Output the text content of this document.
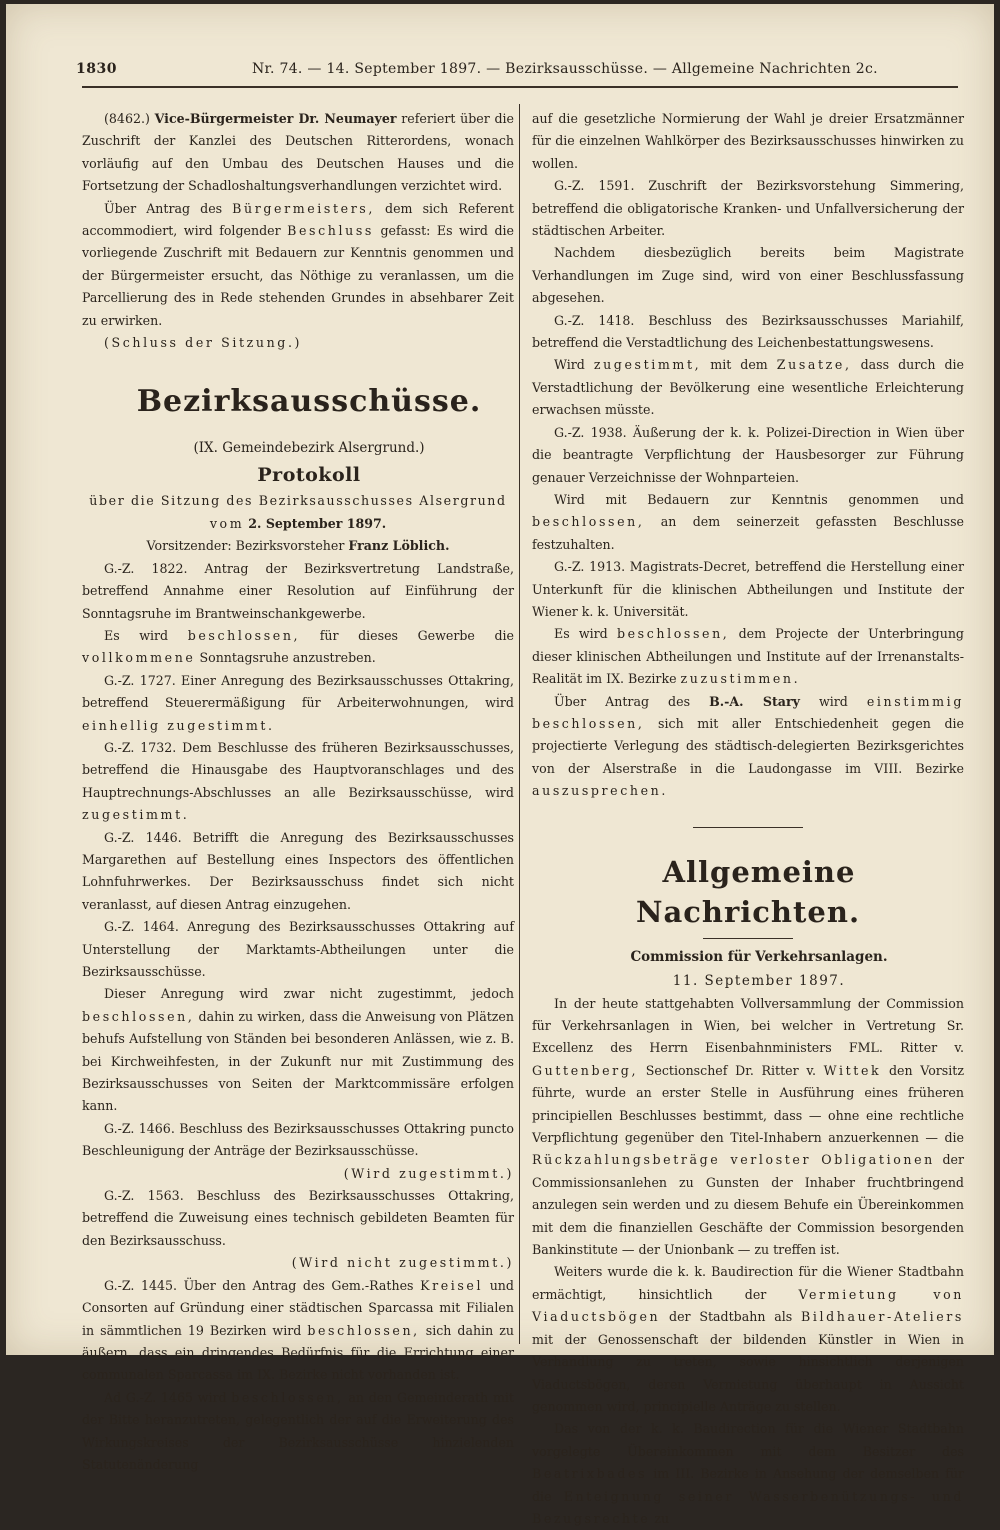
1830	Nr. 74. — 14. September 1897. — Bezirksausschüsse. — Allgemeine Nachrichten 2c.

(8462.) Vice-Bürgermeister Dr. Neumayer referiert über die Zuschrift der Kanzlei des Deutschen Ritterordens, wonach vorläufig auf den Umbau des Deutschen Hauses und die Fortsetzung der Schadloshaltungsverhandlungen verzichtet wird.

Über Antrag des Bürgermeisters, dem sich Referent accommodiert, wird folgender Beschluss gefasst: Es wird die vorliegende Zuschrift mit Bedauern zur Kenntnis genommen und der Bürgermeister ersucht, das Nöthige zu veranlassen, um die Parcellierung des in Rede stehenden Grundes in absehbarer Zeit zu erwirken.

(Schluss der Sitzung.)

Bezirksausschüsse.

(IX. Gemeindebezirk Alsergrund.)

Protokoll

über die Sitzung des Bezirksausschusses Alsergrund

vom 2. September 1897.

Vorsitzender: Bezirksvorsteher Franz Löblich.

G.-Z. 1822. Antrag der Bezirksvertretung Landstraße, betreffend Annahme einer Resolution auf Einführung der Sonntagsruhe im Brantweinschankgewerbe.

Es wird beschlossen, für dieses Gewerbe die vollkommene Sonntagsruhe anzustreben.

G.-Z. 1727. Einer Anregung des Bezirksausschusses Ottakring, betreffend Steuerermäßigung für Arbeiterwohnungen, wird einhellig zugestimmt.

G.-Z. 1732. Dem Beschlusse des früheren Bezirksausschusses, betreffend die Hinausgabe des Hauptvoranschlages und des Hauptrechnungs-Abschlusses an alle Bezirksausschüsse, wird zugestimmt.

G.-Z. 1446. Betrifft die Anregung des Bezirksausschusses Margarethen auf Bestellung eines Inspectors des öffentlichen Lohnfuhrwerkes. Der Bezirksausschuss findet sich nicht veranlasst, auf diesen Antrag einzugehen.

G.-Z. 1464. Anregung des Bezirksausschusses Ottakring auf Unterstellung der Marktamts-Abtheilungen unter die Bezirksausschüsse.

Dieser Anregung wird zwar nicht zugestimmt, jedoch beschlossen, dahin zu wirken, dass die Anweisung von Plätzen behufs Aufstellung von Ständen bei besonderen Anlässen, wie z. B. bei Kirchweihfesten, in der Zukunft nur mit Zustimmung des Bezirksausschusses von Seiten der Marktcommissäre erfolgen kann.

G.-Z. 1466. Beschluss des Bezirksausschusses Ottakring puncto Beschleunigung der Anträge der Bezirksausschüsse.

(Wird zugestimmt.)

G.-Z. 1563. Beschluss des Bezirksausschusses Ottakring, betreffend die Zuweisung eines technisch gebildeten Beamten für den Bezirksausschuss.

(Wird nicht zugestimmt.)

G.-Z. 1445. Über den Antrag des Gem.-Rathes Kreisel und Consorten auf Gründung einer städtischen Sparcassa mit Filialen in sämmtlichen 19 Bezirken wird beschlossen, sich dahin zu äußern, dass ein dringendes Bedürfnis für die Errichtung einer communalen Sparcassa im IX. Bezirke nicht vorhanden ist.

Ad G.-Z. 1465 wird beschlossen, an den Gemeinderath mit der Bitte heranzutreten, gelegentlich der auf die Erweiterung des Wirkungskreises der Bezirksausschüsse hinzielenden Statutenänderung

auf die gesetzliche Normierung der Wahl je dreier Ersatzmänner für die einzelnen Wahlkörper des Bezirksausschusses hinwirken zu wollen.

G.-Z. 1591. Zuschrift der Bezirksvorstehung Simmering, betreffend die obligatorische Kranken- und Unfallversicherung der städtischen Arbeiter.

Nachdem diesbezüglich bereits beim Magistrate Verhandlungen im Zuge sind, wird von einer Beschlussfassung abgesehen.

G.-Z. 1418. Beschluss des Bezirksausschusses Mariahilf, betreffend die Verstadtlichung des Leichenbestattungswesens.

Wird zugestimmt, mit dem Zusatze, dass durch die Verstadtlichung der Bevölkerung eine wesentliche Erleichterung erwachsen müsste.

G.-Z. 1938. Äußerung der k. k. Polizei-Direction in Wien über die beantragte Verpflichtung der Hausbesorger zur Führung genauer Verzeichnisse der Wohnparteien.

Wird mit Bedauern zur Kenntnis genommen und beschlossen, an dem seinerzeit gefassten Beschlusse festzuhalten.

G.-Z. 1913. Magistrats-Decret, betreffend die Herstellung einer Unterkunft für die klinischen Abtheilungen und Institute der Wiener k. k. Universität.

Es wird beschlossen, dem Projecte der Unterbringung dieser klinischen Abtheilungen und Institute auf der Irrenanstalts-Realität im IX. Bezirke zuzustimmen.

Über Antrag des B.-A. Stary wird einstimmig beschlossen, sich mit aller Entschiedenheit gegen die projectierte Verlegung des städtisch-delegierten Bezirksgerichtes von der Alserstraße in die Laudongasse im VIII. Bezirke auszusprechen.

Allgemeine Nachrichten.

Commission für Verkehrsanlagen.

11. September 1897.

In der heute stattgehabten Vollversammlung der Commission für Verkehrsanlagen in Wien, bei welcher in Vertretung Sr. Excellenz des Herrn Eisenbahnministers FML. Ritter v. Guttenberg, Sectionschef Dr. Ritter v. Wittek den Vorsitz führte, wurde an erster Stelle in Ausführung eines früheren principiellen Beschlusses bestimmt, dass — ohne eine rechtliche Verpflichtung gegenüber den Titel-Inhabern anzuerkennen — die Rückzahlungsbeträge verloster Obligationen der Commissionsanlehen zu Gunsten der Inhaber fruchtbringend anzulegen sein werden und zu diesem Behufe ein Übereinkommen mit dem die finanziellen Geschäfte der Commission besorgenden Bankinstitute — der Unionbank — zu treffen ist.

Weiters wurde die k. k. Baudirection für die Wiener Stadtbahn ermächtigt, hinsichtlich der	Vermietung von Viaductsbögen der Stadtbahn als Bildhauer-Ateliers mit der Genossenschaft der bildenden Künstler in Wien in Verhandlung zu treten, sowie hinsichtlich derjenigen Viaductsbögen, deren Vermietung überhaupt in Aussicht genommen wird, principielle Anträge zu stellen.

Das von der k. k. Baudirection für die Wiener Stadtbahn vorgelegte Übereinkommen mit dem Besitzer des Beatrixbades im III. Bezirke in Ansehung der demselben für die Enteignung seiner Wasserbenützungs- und Bezugsrechte zu
